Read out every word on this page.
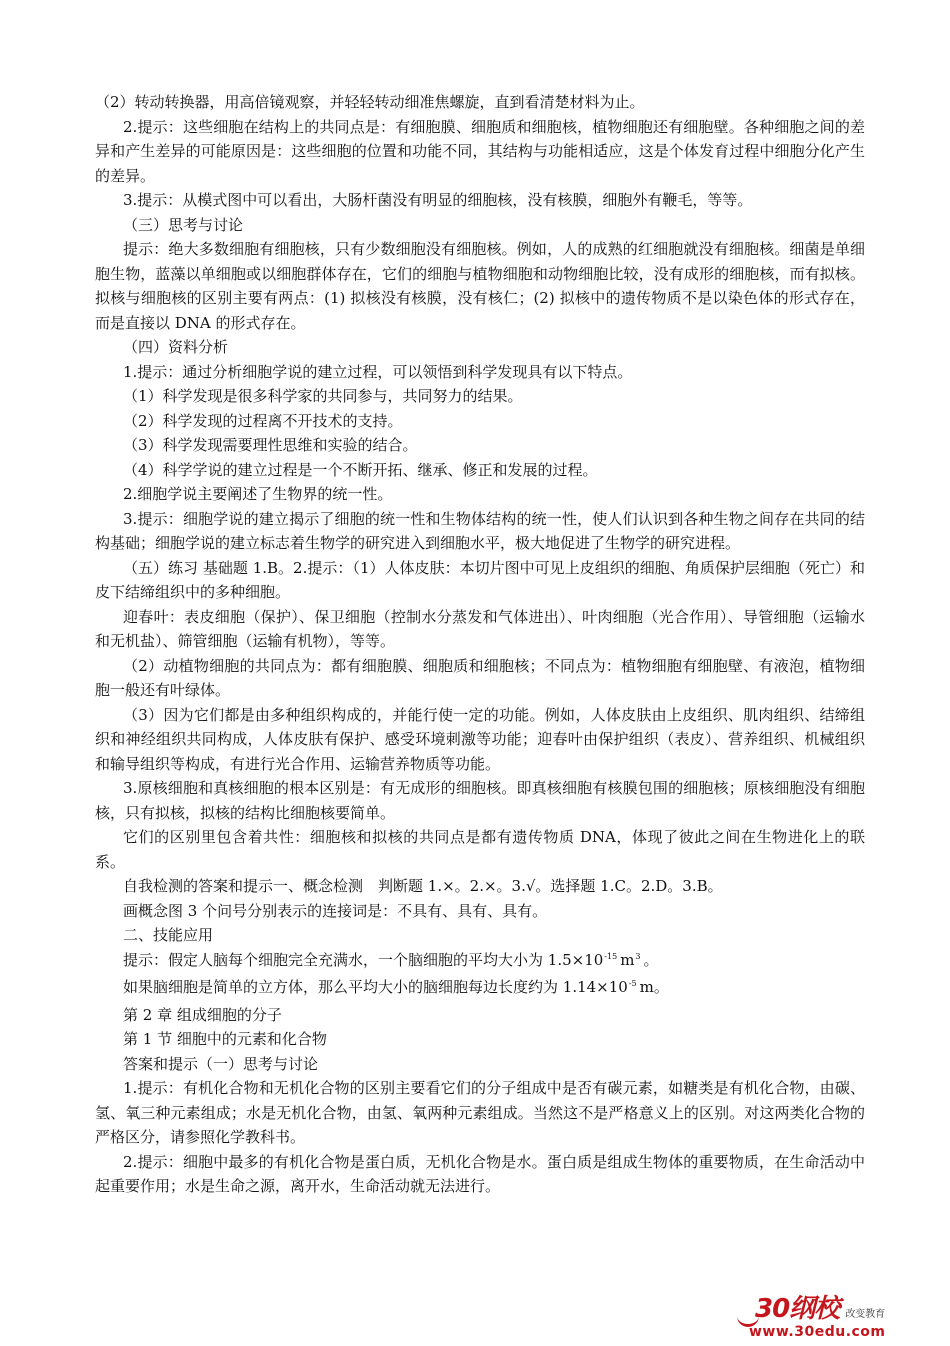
（2）转动转换器，用高倍镜观察，并轻轻转动细准焦螺旋，直到看清楚材料为止。

2.提示：这些细胞在结构上的共同点是：有细胞膜、细胞质和细胞核，植物细胞还有细胞壁。各种细胞之间的差异和产生差异的可能原因是：这些细胞的位置和功能不同，其结构与功能相适应，这是个体发育过程中细胞分化产生的差异。

3.提示：从模式图中可以看出，大肠杆菌没有明显的细胞核，没有核膜，细胞外有鞭毛，等等。

（三）思考与讨论

提示：绝大多数细胞有细胞核，只有少数细胞没有细胞核。例如，人的成熟的红细胞就没有细胞核。细菌是单细胞生物，蓝藻以单细胞或以细胞群体存在，它们的细胞与植物细胞和动物细胞比较，没有成形的细胞核，而有拟核。拟核与细胞核的区别主要有两点：(1) 拟核没有核膜，没有核仁；(2) 拟核中的遗传物质不是以染色体的形式存在，而是直接以 DNA 的形式存在。

（四）资料分析

1.提示：通过分析细胞学说的建立过程，可以领悟到科学发现具有以下特点。

（1）科学发现是很多科学家的共同参与，共同努力的结果。

（2）科学发现的过程离不开技术的支持。

（3）科学发现需要理性思维和实验的结合。

（4）科学学说的建立过程是一个不断开拓、继承、修正和发展的过程。

2.细胞学说主要阐述了生物界的统一性。

3.提示：细胞学说的建立揭示了细胞的统一性和生物体结构的统一性，使人们认识到各种生物之间存在共同的结构基础；细胞学说的建立标志着生物学的研究进入到细胞水平，极大地促进了生物学的研究进程。

（五）练习 基础题 1.B。2.提示：（1）人体皮肤：本切片图中可见上皮组织的细胞、角质保护层细胞（死亡）和皮下结缔组织中的多种细胞。

迎春叶：表皮细胞（保护）、保卫细胞（控制水分蒸发和气体进出）、叶肉细胞（光合作用）、导管细胞（运输水和无机盐）、筛管细胞（运输有机物），等等。

（2）动植物细胞的共同点为：都有细胞膜、细胞质和细胞核；不同点为：植物细胞有细胞壁、有液泡，植物细胞一般还有叶绿体。

（3）因为它们都是由多种组织构成的，并能行使一定的功能。例如，人体皮肤由上皮组织、肌肉组织、结缔组织和神经组织共同构成，人体皮肤有保护、感受环境刺激等功能；迎春叶由保护组织（表皮）、营养组织、机械组织和输导组织等构成，有进行光合作用、运输营养物质等功能。

3.原核细胞和真核细胞的根本区别是：有无成形的细胞核。即真核细胞有核膜包围的细胞核；原核细胞没有细胞核，只有拟核，拟核的结构比细胞核要简单。

它们的区别里包含着共性：细胞核和拟核的共同点是都有遗传物质 DNA，体现了彼此之间在生物进化上的联系。

自我检测的答案和提示一、概念检测　判断题 1.×。2.×。3.√。选择题 1.C。2.D。3.B。

画概念图 3 个问号分别表示的连接词是：不具有、具有、具有。

二、技能应用

提示：假定人脑每个细胞完全充满水，一个脑细胞的平均大小为 $1.5\times 10^{-15}$ $m^3$ 。

如果脑细胞是简单的立方体，那么平均大小的脑细胞每边长度约为 $1.14\times 10^{-5}$ m。

第 2 章 组成细胞的分子

第 1 节 细胞中的元素和化合物

答案和提示（一）思考与讨论

1.提示：有机化合物和无机化合物的区别主要看它们的分子组成中是否有碳元素，如糖类是有机化合物，由碳、氢、氧三种元素组成；水是无机化合物，由氢、氧两种元素组成。当然这不是严格意义上的区别。对这两类化合物的严格区分，请参照化学教科书。

2.提示：细胞中最多的有机化合物是蛋白质，无机化合物是水。蛋白质是组成生物体的重要物质，在生命活动中起重要作用；水是生命之源，离开水，生命活动就无法进行。

30纲校 改变教育
www.30edu.com
